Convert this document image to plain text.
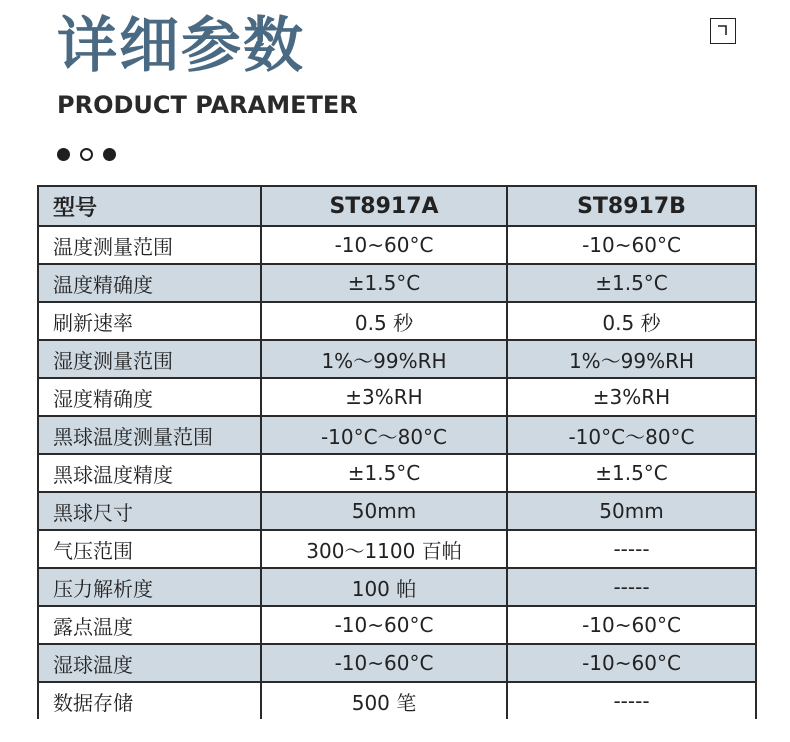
详细参数
PRODUCT PARAMETER
型号	ST8917A	ST8917B
温度测量范围	-10~60°C	-10~60°C
温度精确度	±1.5°C	±1.5°C
刷新速率	0.5 秒	0.5 秒
湿度测量范围	1%～99%RH	1%～99%RH
湿度精确度	±3%RH	±3%RH
黑球温度测量范围	-10°C～80°C	-10°C～80°C
黑球温度精度	±1.5°C	±1.5°C
黑球尺寸	50mm	50mm
气压范围	300～1100 百帕	-----
压力解析度	100 帕	-----
露点温度	-10~60°C	-10~60°C
湿球温度	-10~60°C	-10~60°C
数据存储	500 笔	-----
